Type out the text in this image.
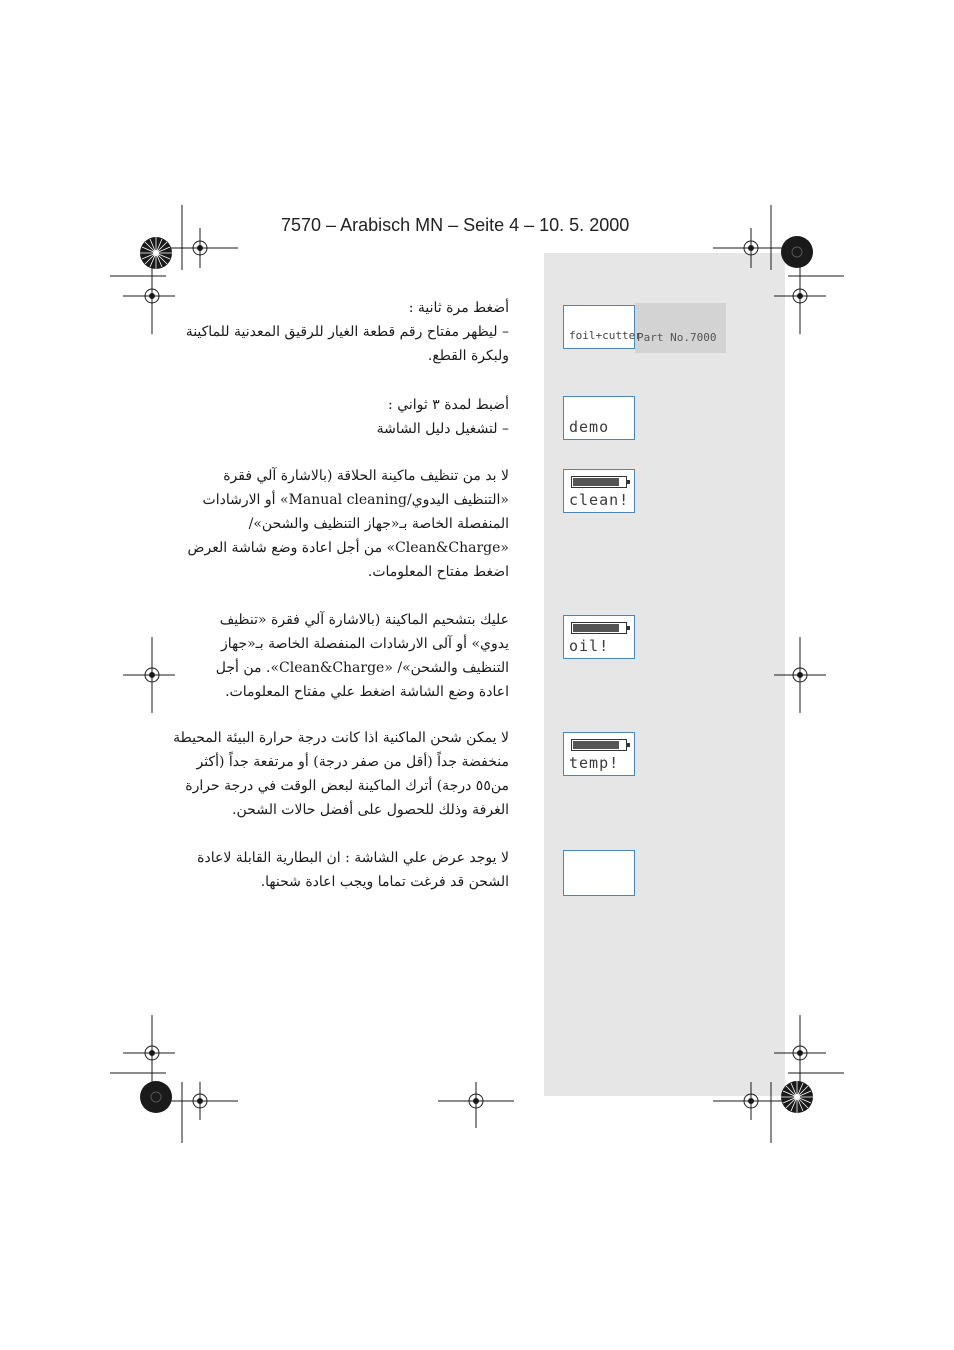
7570 – Arabisch MN – Seite 4 – 10. 5. 2000
أضغط مرة ثانية :
– ليظهر مفتاح رقم قطعة الغيار للرقيق المعدنية للماكينة
ولبكرة القطع.
Part No.7000
foil+cutter
أضبط لمدة ٣ ثواني :
– لتشغيل دليل الشاشة	demo
لا بد من تنظيف ماكينة الحلاقة (بالاشارة آلي فقرة
«التنظيف اليدوي/Manual cleaning» أو الارشادات
المنفصلة الخاصة بـ«جهاز التنظيف والشحن»/
«Clean&Charge» من أجل اعادة وضع شاشة العرض
اضغط مفتاح المعلومات.
clean!
عليك بتشحيم الماكينة (بالاشارة آلي فقرة «تنظيف
يدوي» أو آلى الارشادات المنفصلة الخاصة بـ«جهاز
التنظيف والشحن»/ «Clean&Charge». من أجل
اعادة وضع الشاشة اضغط علي مفتاح المعلومات.
oil!
لا يمكن شحن الماكنية اذا كانت درجة حرارة البيئة المحيطة
منخفضة جداً (أقل من صفر درجة) أو مرتفعة جداً (أكثر
من٥٥ درجة) أترك الماكينة لبعض الوقت في درجة حرارة
الغرفة وذلك للحصول على أفضل حالات الشحن.
temp!
لا يوجد عرض علي الشاشة : ان البطارية القابلة لاعادة
الشحن قد فرغت تماما ويجب اعادة شحنها.
